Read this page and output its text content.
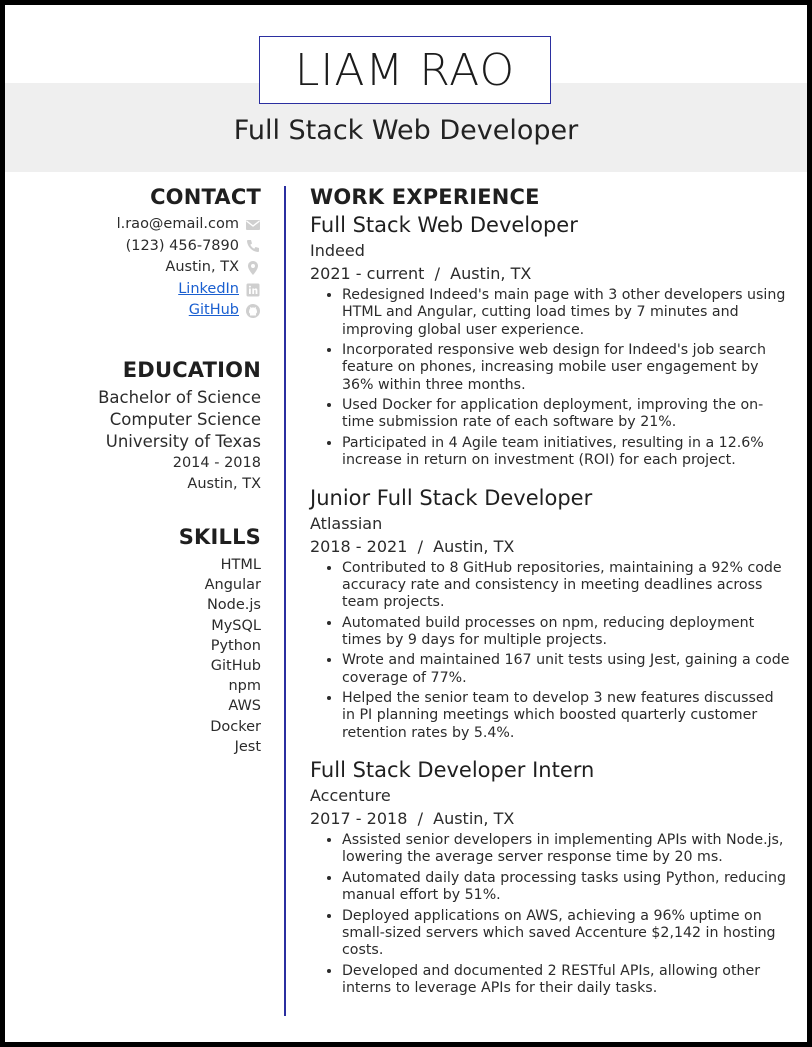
LIAM RAO
Full Stack Web Developer
CONTACT
l.rao@email.com
(123) 456-7890
Austin, TX
LinkedIn
GitHub
EDUCATION
Bachelor of Science
Computer Science
University of Texas
2014 - 2018
Austin, TX
SKILLS
HTML
Angular
Node.js
MySQL
Python
GitHub
npm
AWS
Docker
Jest
WORK EXPERIENCE
Full Stack Web Developer
Indeed
2021 - current  /  Austin, TX
• Redesigned Indeed's main page with 3 other developers using HTML and Angular, cutting load times by 7 minutes and improving global user experience.
• Incorporated responsive web design for Indeed's job search feature on phones, increasing mobile user engagement by 36% within three months.
• Used Docker for application deployment, improving the on-time submission rate of each software by 21%.
• Participated in 4 Agile team initiatives, resulting in a 12.6% increase in return on investment (ROI) for each project.
Junior Full Stack Developer
Atlassian
2018 - 2021  /  Austin, TX
• Contributed to 8 GitHub repositories, maintaining a 92% code accuracy rate and consistency in meeting deadlines across team projects.
• Automated build processes on npm, reducing deployment times by 9 days for multiple projects.
• Wrote and maintained 167 unit tests using Jest, gaining a code coverage of 77%.
• Helped the senior team to develop 3 new features discussed in PI planning meetings which boosted quarterly customer retention rates by 5.4%.
Full Stack Developer Intern
Accenture
2017 - 2018  /  Austin, TX
• Assisted senior developers in implementing APIs with Node.js, lowering the average server response time by 20 ms.
• Automated daily data processing tasks using Python, reducing manual effort by 51%.
• Deployed applications on AWS, achieving a 96% uptime on small-sized servers which saved Accenture $2,142 in hosting costs.
• Developed and documented 2 RESTful APIs, allowing other interns to leverage APIs for their daily tasks.
